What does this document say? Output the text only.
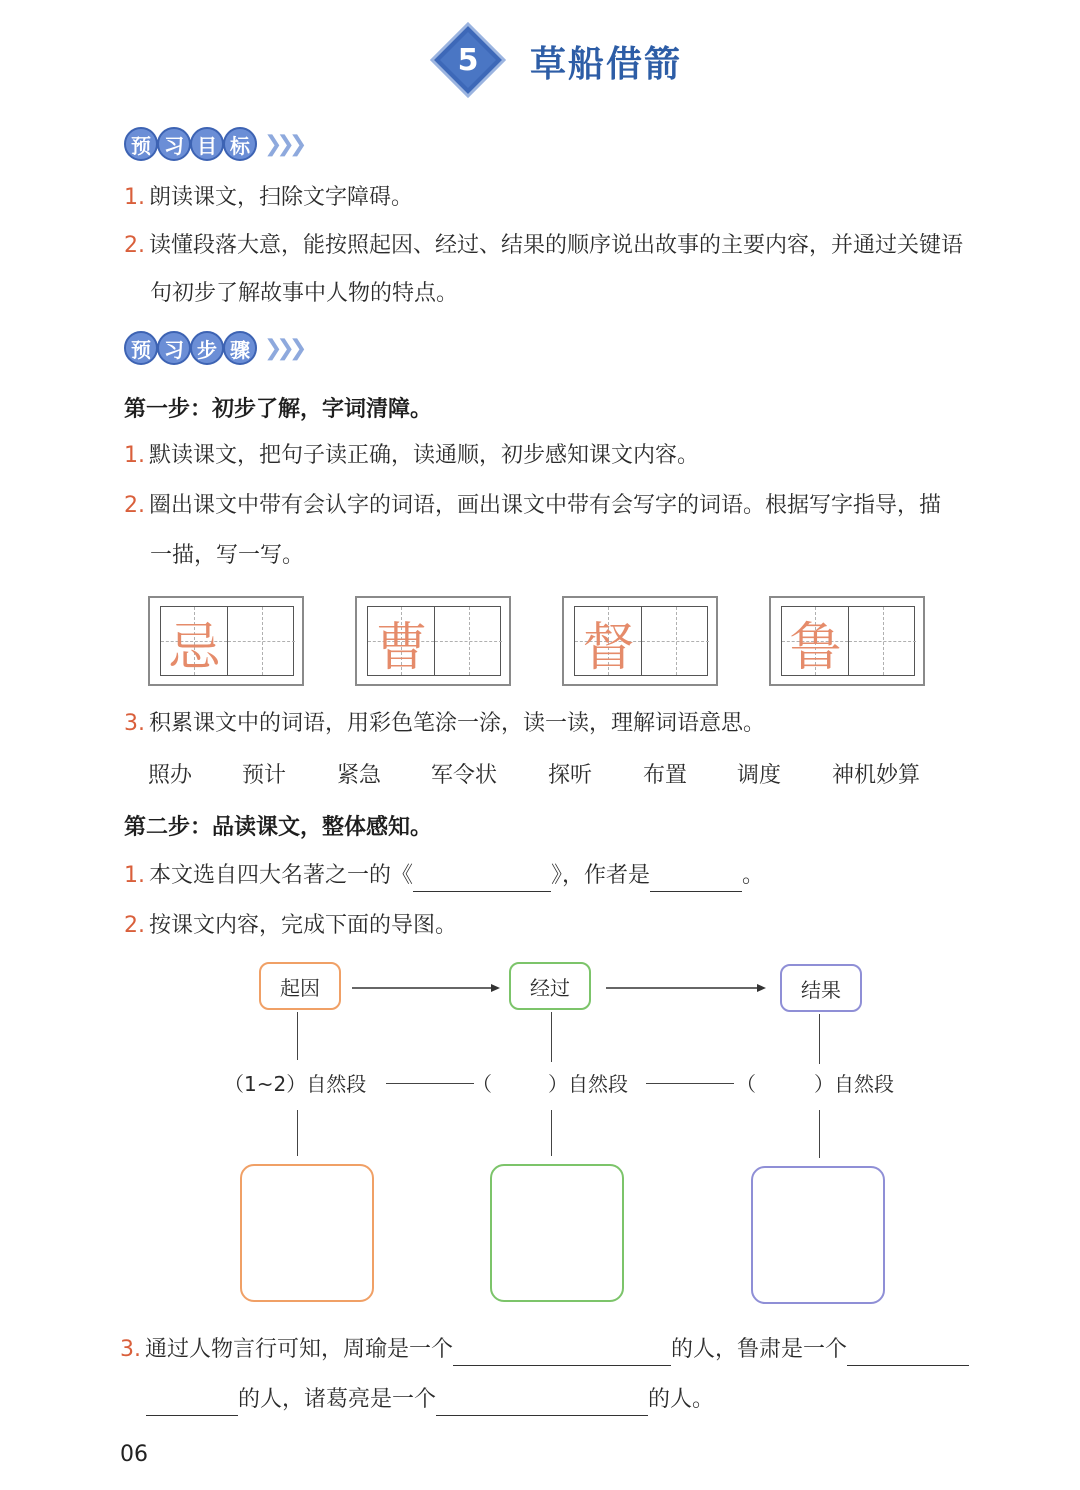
5 草船借箭
预 习 目 标 ❯❯❯
1. 朗读课文，扫除文字障碍。
2. 读懂段落大意，能按照起因、经过、结果的顺序说出故事的主要内容，并通过关键语
句初步了解故事中人物的特点。
预 习 步 骤 ❯❯❯
第一步：初步了解，字词清障。
1. 默读课文，把句子读正确，读通顺，初步感知课文内容。
2. 圈出课文中带有会认字的词语，画出课文中带有会写字的词语。根据写字指导，描
一描，写一写。
忌	曹	督	鲁
3. 积累课文中的词语，用彩色笔涂一涂，读一读，理解词语意思。
照办 预计 紧急 军令状 探听 布置 调度 神机妙算
第二步：品读课文，整体感知。
1. 本文选自四大名著之一的《	》，作者是	。
2. 按课文内容，完成下面的导图。
起因	经过	结果
（1~2）自然段	（	）自然段	（	）自然段
3. 通过人物言行可知，周瑜是一个	的人，鲁肃是一个
的人，诸葛亮是一个	的人。
06
